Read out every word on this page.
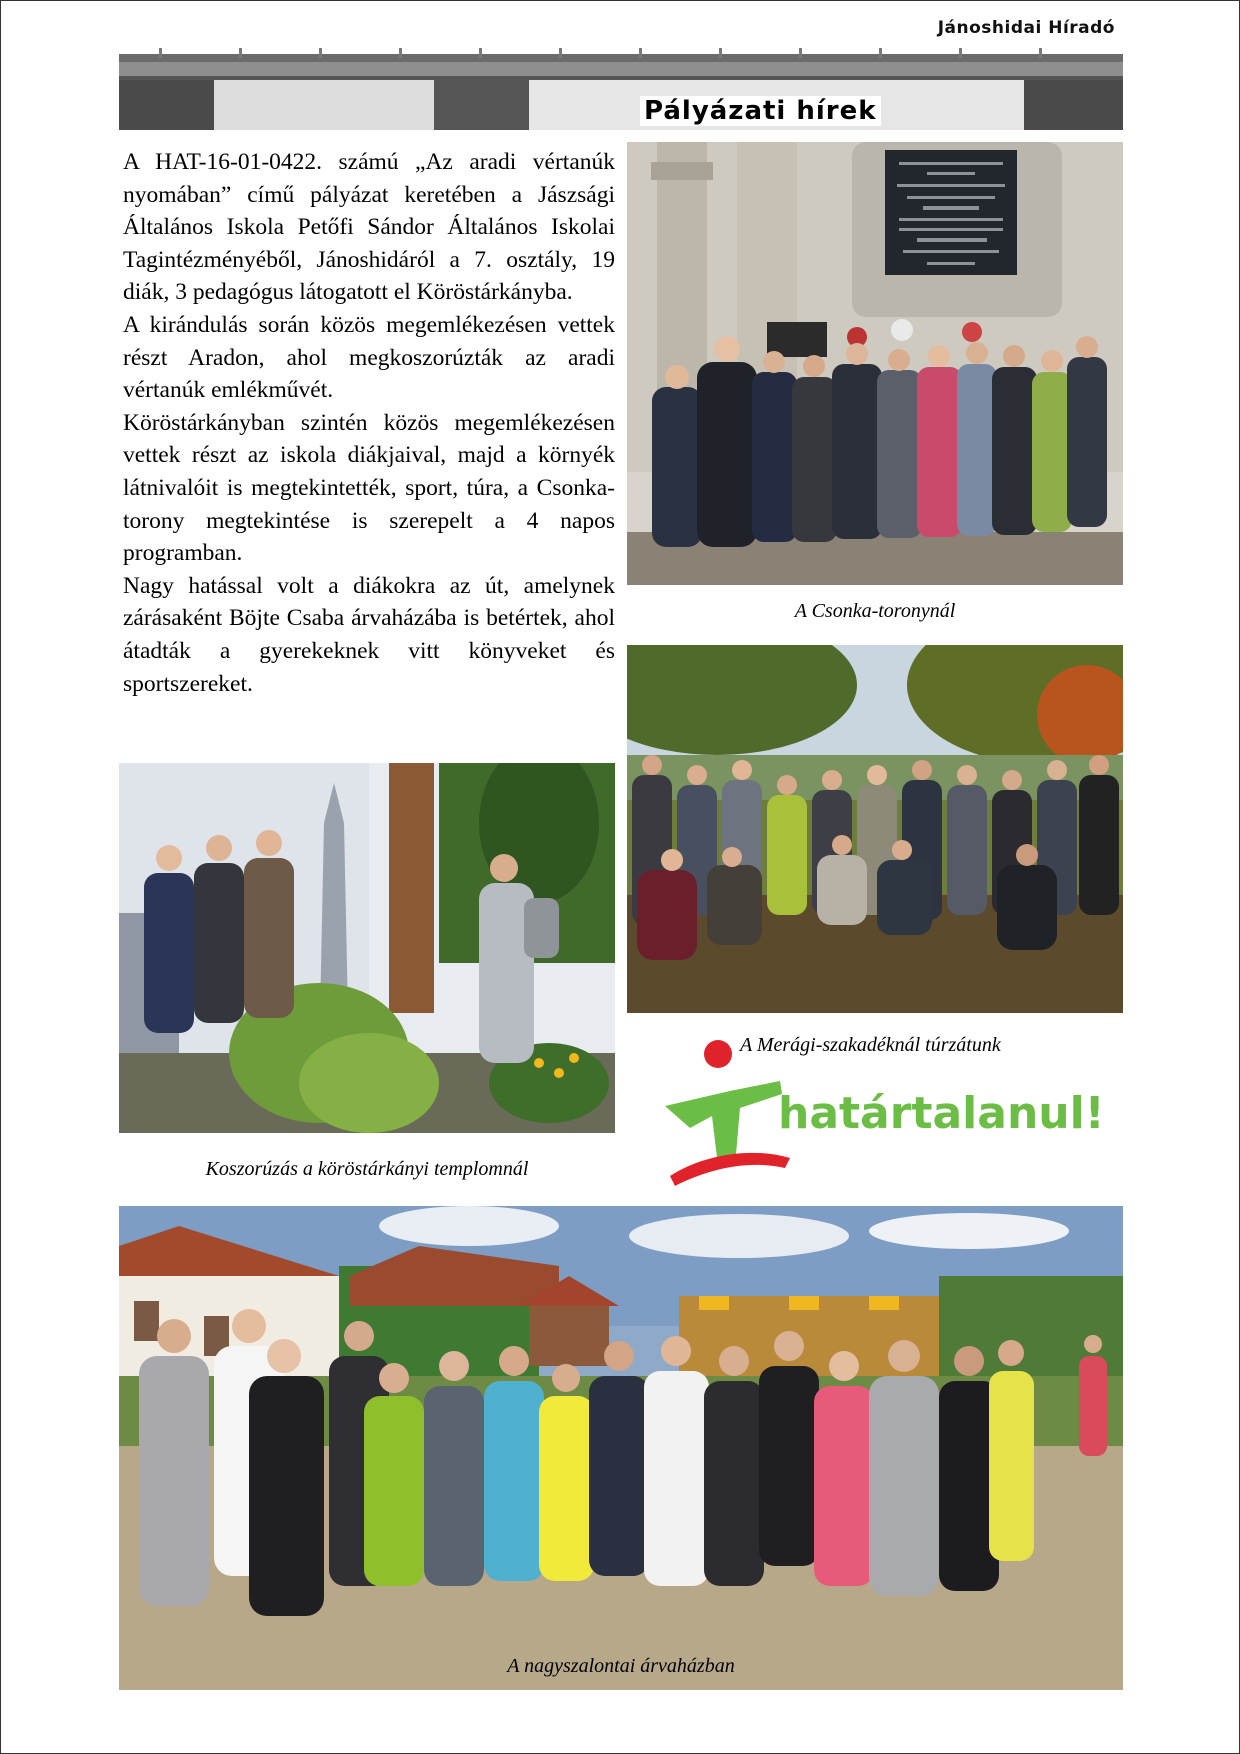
Jánoshidai Híradó
Pályázati hírek

A HAT-16-01-0422. számú „Az aradi vértanúk nyomában” című pályázat keretében a Jászsági Általános Iskola Petőfi Sándor Általános Iskolai Tagintézményéből, Jánoshidáról a 7. osztály, 19 diák, 3 pedagógus látogatott el Köröstárkányba.

A kirándulás során közös megemlékezésen vettek részt Aradon, ahol megkoszorúzták az aradi vértanúk emlékművét.

Köröstárkányban szintén közös megemlékezésen vettek részt az iskola diákjaival, majd a környék látnivalóit is megtekintették, sport, túra, a Csonka-torony megtekintése is szerepelt a 4 napos programban.

Nagy hatással volt a diákokra az út, amelynek zárásaként Böjte Csaba árvaházába is betértek, ahol átadták a gyerekeknek vitt könyveket és sportszereket.

A Csonka-toronynál
Koszorúzás a köröstárkányi templomnál
A Merági-szakadéknál túrzátunk
határtalanul!
A nagyszalontai árvaházban
